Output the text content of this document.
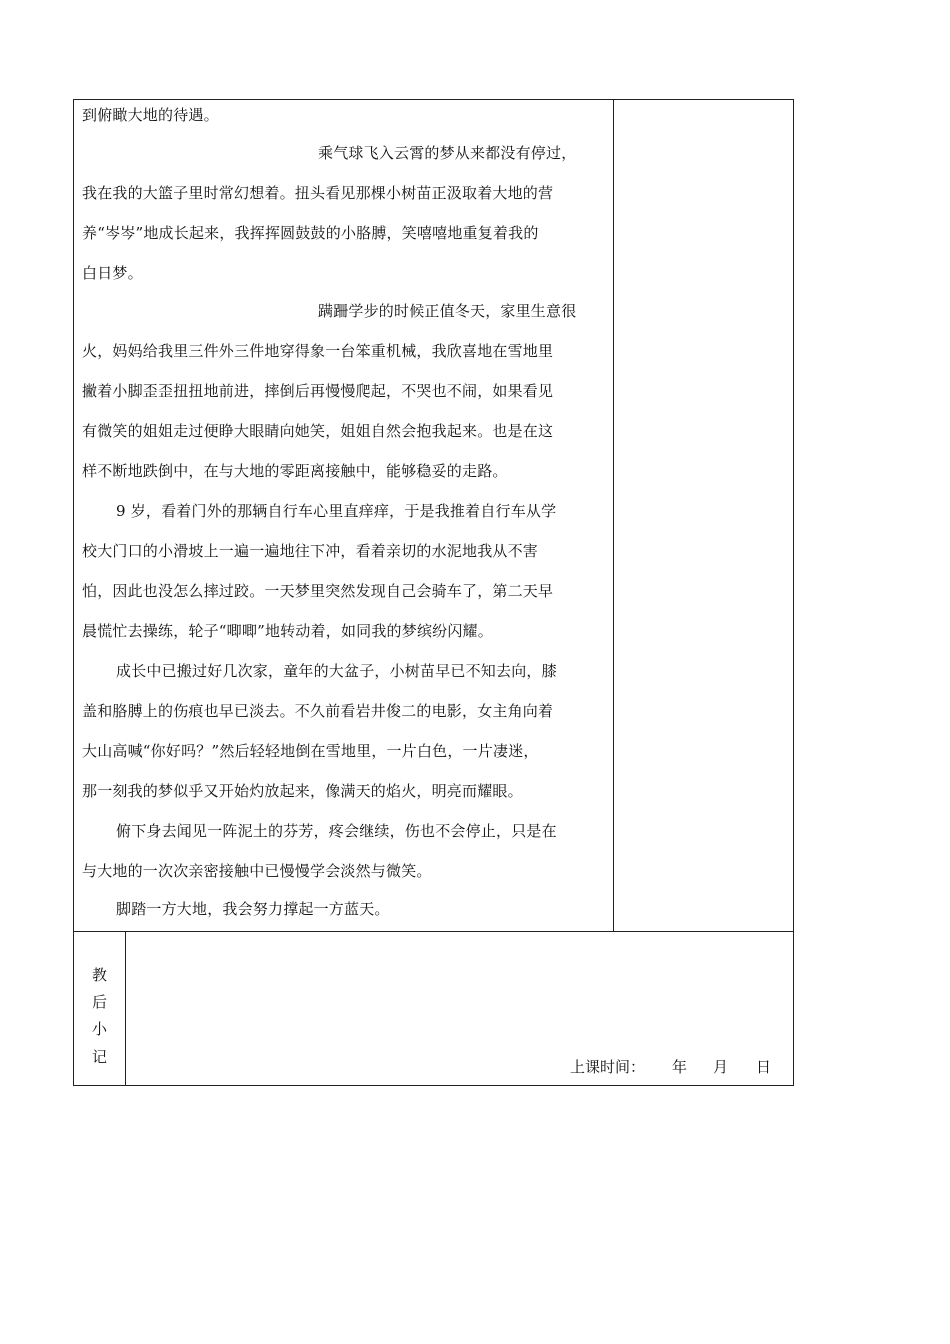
到俯瞰大地的待遇。
乘气球飞入云霄的梦从来都没有停过，
我在我的大篮子里时常幻想着。扭头看见那棵小树苗正汲取着大地的营
养“岑岑”地成长起来，我挥挥圆鼓鼓的小胳膊，笑嘻嘻地重复着我的
白日梦。
蹒跚学步的时候正值冬天，家里生意很
火，妈妈给我里三件外三件地穿得象一台笨重机械，我欣喜地在雪地里
撇着小脚歪歪扭扭地前进，摔倒后再慢慢爬起，不哭也不闹，如果看见
有微笑的姐姐走过便睁大眼睛向她笑，姐姐自然会抱我起来。也是在这
样不断地跌倒中，在与大地的零距离接触中，能够稳妥的走路。
9 岁，看着门外的那辆自行车心里直痒痒，于是我推着自行车从学
校大门口的小滑坡上一遍一遍地往下冲，看着亲切的水泥地我从不害
怕，因此也没怎么摔过跤。一天梦里突然发现自己会骑车了，第二天早
晨慌忙去操练，轮子“唧唧”地转动着，如同我的梦缤纷闪耀。
成长中已搬过好几次家，童年的大盆子，小树苗早已不知去向，膝
盖和胳膊上的伤痕也早已淡去。不久前看岩井俊二的电影，女主角向着
大山高喊“你好吗？”然后轻轻地倒在雪地里，一片白色，一片凄迷，
那一刻我的梦似乎又开始灼放起来，像满天的焰火，明亮而耀眼。
俯下身去闻见一阵泥土的芬芳，疼会继续，伤也不会停止，只是在
与大地的一次次亲密接触中已慢慢学会淡然与微笑。
脚踏一方大地，我会努力撑起一方蓝天。
教
后
小
记
上课时间： 年 月 日
